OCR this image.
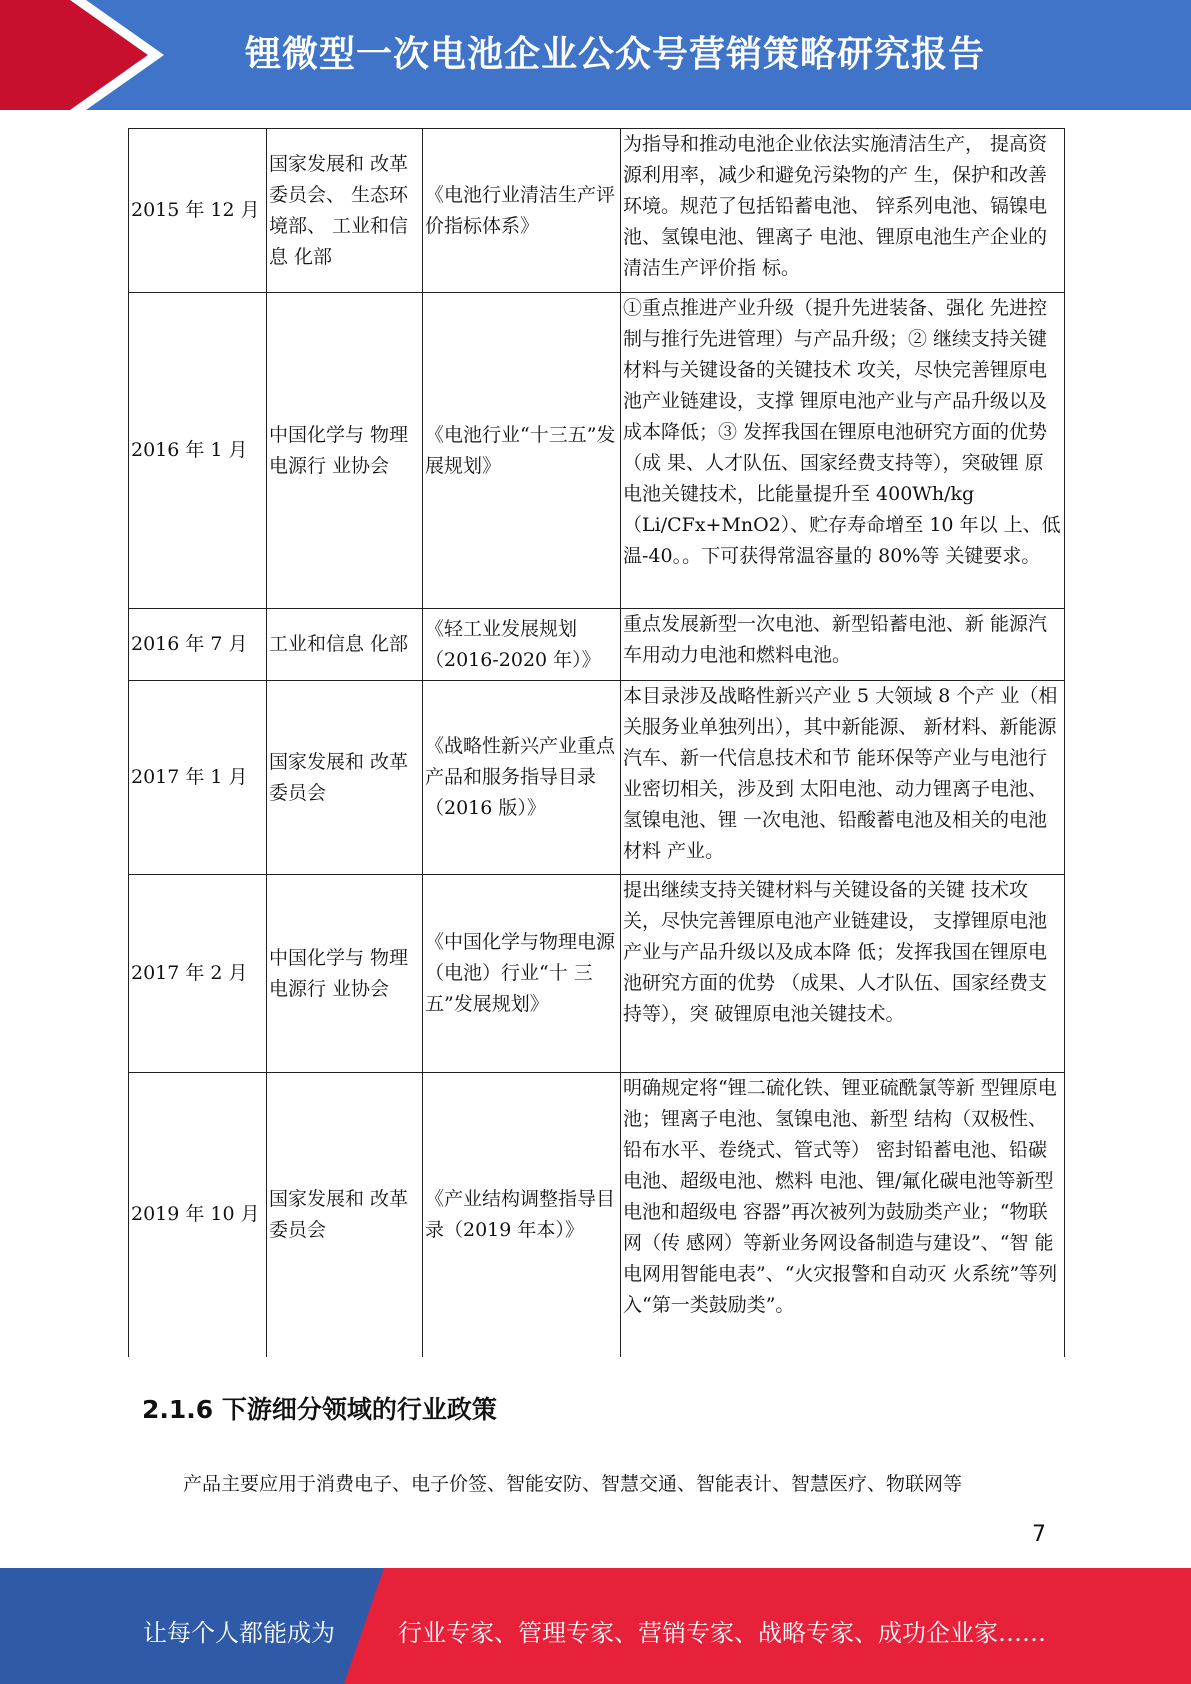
锂微型一次电池企业公众号营销策略研究报告
2015 年 12 月	国家发展和 改革委员会、 生态环境部、 工业和信息 化部	《电池行业清洁生产评价指标体系》	为指导和推动电池企业依法实施清洁生产， 提高资源利用率，减少和避免污染物的产 生，保护和改善环境。规范了包括铅蓄电池、 锌系列电池、镉镍电池、氢镍电池、锂离子 电池、锂原电池生产企业的清洁生产评价指 标。
2016 年 1 月	中国化学与 物理电源行 业协会	《电池行业“十三五”发展规划》	①重点推进产业升级（提升先进装备、强化 先进控制与推行先进管理）与产品升级；② 继续支持关键材料与关键设备的关键技术 攻关，尽快完善锂原电池产业链建设，支撑 锂原电池产业与产品升级以及成本降低；③ 发挥我国在锂原电池研究方面的优势（成 果、人才队伍、国家经费支持等），突破锂 原电池关键技术，比能量提升至 400Wh/kg （Li/CFx+MnO2）、贮存寿命增至 10 年以 上、低温-40。。下可获得常温容量的 80%等 关键要求。
2016 年 7 月	工业和信息 化部	《轻工业发展规划（2016-2020 年）》	重点发展新型一次电池、新型铅蓄电池、新 能源汽车用动力电池和燃料电池。
2017 年 1 月	国家发展和 改革委员会	《战略性新兴产业重点产品和服务指导目录（2016 版）》	本目录涉及战略性新兴产业 5 大领域 8 个产 业（相关服务业单独列出），其中新能源、 新材料、新能源汽车、新一代信息技术和节 能环保等产业与电池行业密切相关，涉及到 太阳电池、动力锂离子电池、氢镍电池、锂 一次电池、铅酸蓄电池及相关的电池材料 产业。
2017 年 2 月	中国化学与 物理电源行 业协会	《中国化学与物理电源（电池）行业“十 三五”发展规划》	提出继续支持关键材料与关键设备的关键 技术攻关，尽快完善锂原电池产业链建设， 支撑锂原电池产业与产品升级以及成本降 低；发挥我国在锂原电池研究方面的优势 （成果、人才队伍、国家经费支持等），突 破锂原电池关键技术。
2019 年 10 月	国家发展和 改革委员会	《产业结构调整指导目录（2019 年本）》	明确规定将“锂二硫化铁、锂亚硫酰氯等新 型锂原电池；锂离子电池、氢镍电池、新型 结构（双极性、铅布水平、卷绕式、管式等） 密封铅蓄电池、铅碳电池、超级电池、燃料 电池、锂/氟化碳电池等新型电池和超级电 容器”再次被列为鼓励类产业；“物联网（传 感网）等新业务网设备制造与建设”、“智 能电网用智能电表”、“火灾报警和自动灭 火系统”等列入“第一类鼓励类”。
2.1.6 下游细分领域的行业政策
产品主要应用于消费电子、电子价签、智能安防、智慧交通、智能表计、智慧医疗、物联网等
7
让每个人都能成为	行业专家、管理专家、营销专家、战略专家、成功企业家……
